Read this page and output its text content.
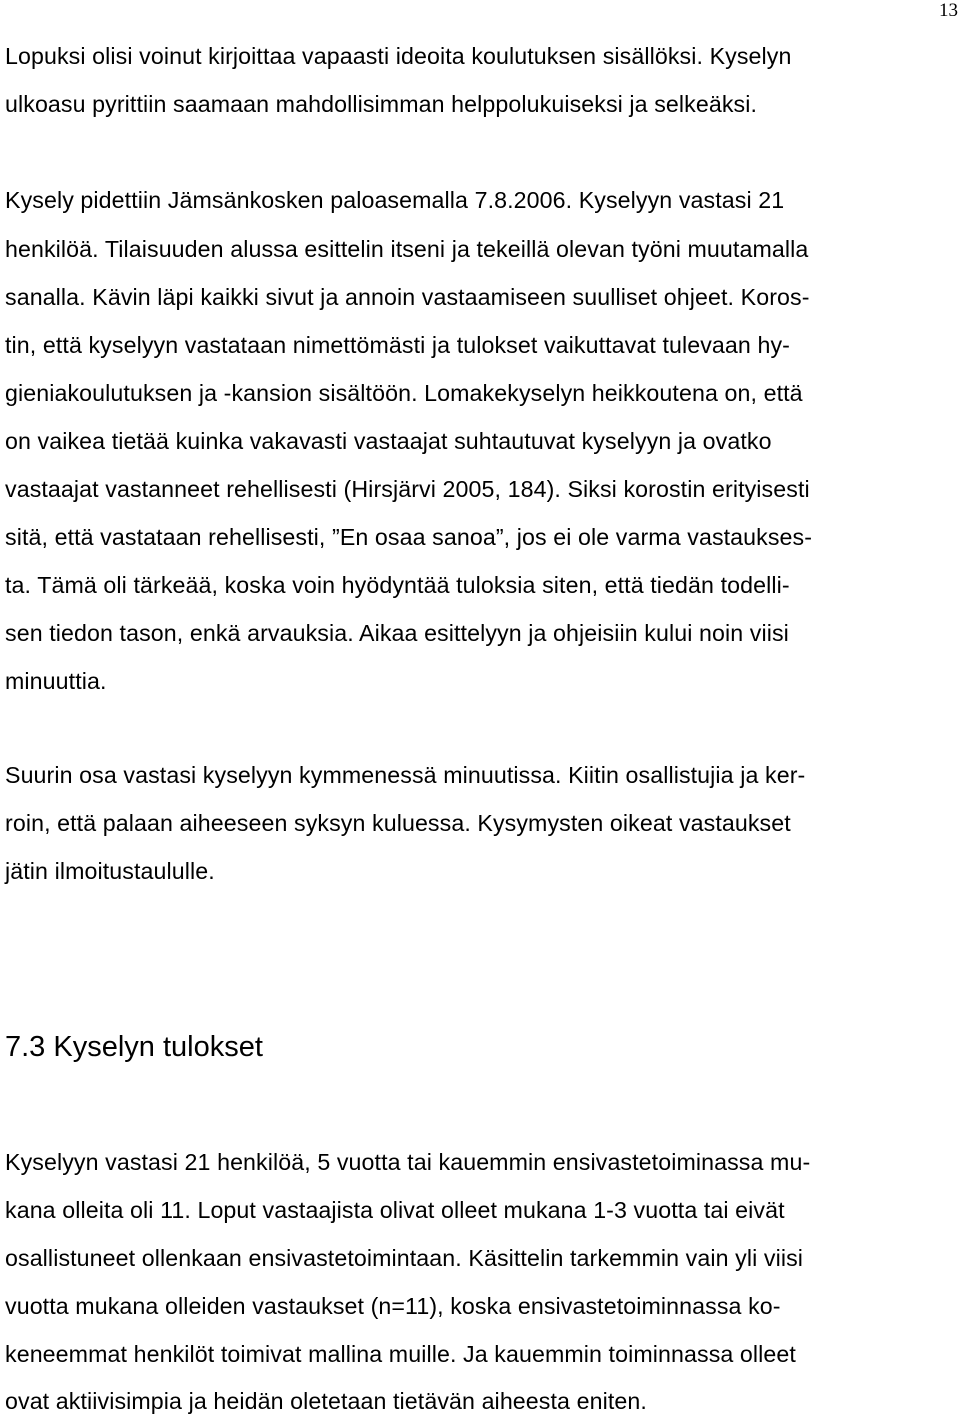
13
Lopuksi olisi voinut kirjoittaa vapaasti ideoita koulutuksen sisällöksi. Kyselyn
ulkoasu pyrittiin saamaan mahdollisimman helppolukuiseksi ja selkeäksi.
Kysely pidettiin Jämsänkosken paloasemalla 7.8.2006. Kyselyyn vastasi 21
henkilöä. Tilaisuuden alussa esittelin itseni ja tekeillä olevan työni muutamalla
sanalla. Kävin läpi kaikki sivut ja annoin vastaamiseen suulliset ohjeet. Koros-
tin, että kyselyyn vastataan nimettömästi ja tulokset vaikuttavat tulevaan hy-
gieniakoulutuksen ja -kansion sisältöön. Lomakekyselyn heikkoutena on, että
on vaikea tietää kuinka vakavasti vastaajat suhtautuvat kyselyyn ja ovatko
vastaajat vastanneet rehellisesti (Hirsjärvi 2005, 184). Siksi korostin erityisesti
sitä, että vastataan rehellisesti, ”En osaa sanoa”, jos ei ole varma vastaukses-
ta. Tämä oli tärkeää, koska voin hyödyntää tuloksia siten, että tiedän todelli-
sen tiedon tason, enkä arvauksia. Aikaa esittelyyn ja ohjeisiin kului noin viisi
minuuttia.
Suurin osa vastasi kyselyyn kymmenessä minuutissa. Kiitin osallistujia ja ker-
roin, että palaan aiheeseen syksyn kuluessa. Kysymysten oikeat vastaukset
jätin ilmoitustaululle.
7.3 Kyselyn tulokset
Kyselyyn vastasi 21 henkilöä, 5 vuotta tai kauemmin ensivastetoiminassa mu-
kana olleita oli 11. Loput vastaajista olivat olleet mukana 1-3 vuotta tai eivät
osallistuneet ollenkaan ensivastetoimintaan. Käsittelin tarkemmin vain yli viisi
vuotta mukana olleiden vastaukset (n=11), koska ensivastetoiminnassa ko-
keneemmat henkilöt toimivat mallina muille. Ja kauemmin toiminnassa olleet
ovat aktiivisimpia ja heidän oletetaan tietävän aiheesta eniten.
